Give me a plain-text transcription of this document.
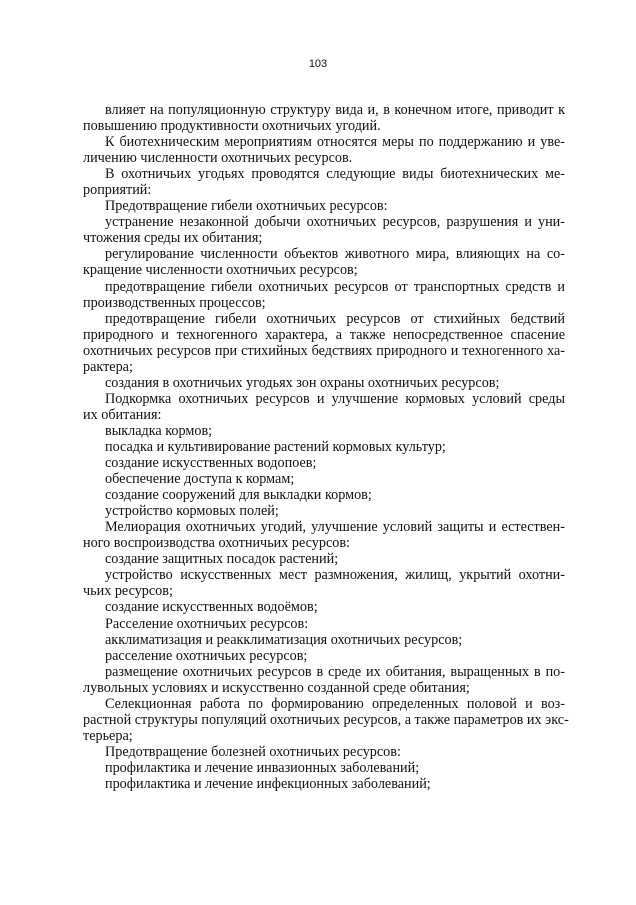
103
влияет на популяционную структуру вида и, в конечном итоге, приводит к
повышению продуктивности охотничьих угодий.
К биотехническим мероприятиям относятся меры по поддержанию и уве-
личению численности охотничьих ресурсов.
В охотничьих угодьях проводятся следующие виды биотехнических ме-
роприятий:
Предотвращение гибели охотничьих ресурсов:
устранение незаконной добычи охотничьих ресурсов, разрушения и уни-
чтожения среды их обитания;
регулирование численности объектов животного мира, влияющих на со-
кращение численности охотничьих ресурсов;
предотвращение гибели охотничьих ресурсов от транспортных средств и
производственных процессов;
предотвращение гибели охотничьих ресурсов от стихийных бедствий
природного и техногенного характера, а также непосредственное спасение
охотничьих ресурсов при стихийных бедствиях природного и техногенного ха-
рактера;
создания в охотничьих угодьях зон охраны охотничьих ресурсов;
Подкормка охотничьих ресурсов и улучшение кормовых условий среды
их обитания:
выкладка кормов;
посадка и культивирование растений кормовых культур;
создание искусственных водопоев;
обеспечение доступа к кормам;
создание сооружений для выкладки кормов;
устройство кормовых полей;
Мелиорация охотничьих угодий, улучшение условий защиты и естествен-
ного воспроизводства охотничьих ресурсов:
создание защитных посадок растений;
устройство искусственных мест размножения, жилищ, укрытий охотни-
чьих ресурсов;
создание искусственных водоёмов;
Расселение охотничьих ресурсов:
акклиматизация и реакклиматизация охотничьих ресурсов;
расселение охотничьих ресурсов;
размещение охотничьих ресурсов в среде их обитания, выращенных в по-
лувольных условиях и искусственно созданной среде обитания;
Селекционная работа по формированию определенных половой и воз-
растной структуры популяций охотничьих ресурсов, а также параметров их экс-
терьера;
Предотвращение болезней охотничьих ресурсов:
профилактика и лечение инвазионных заболеваний;
профилактика и лечение инфекционных заболеваний;
